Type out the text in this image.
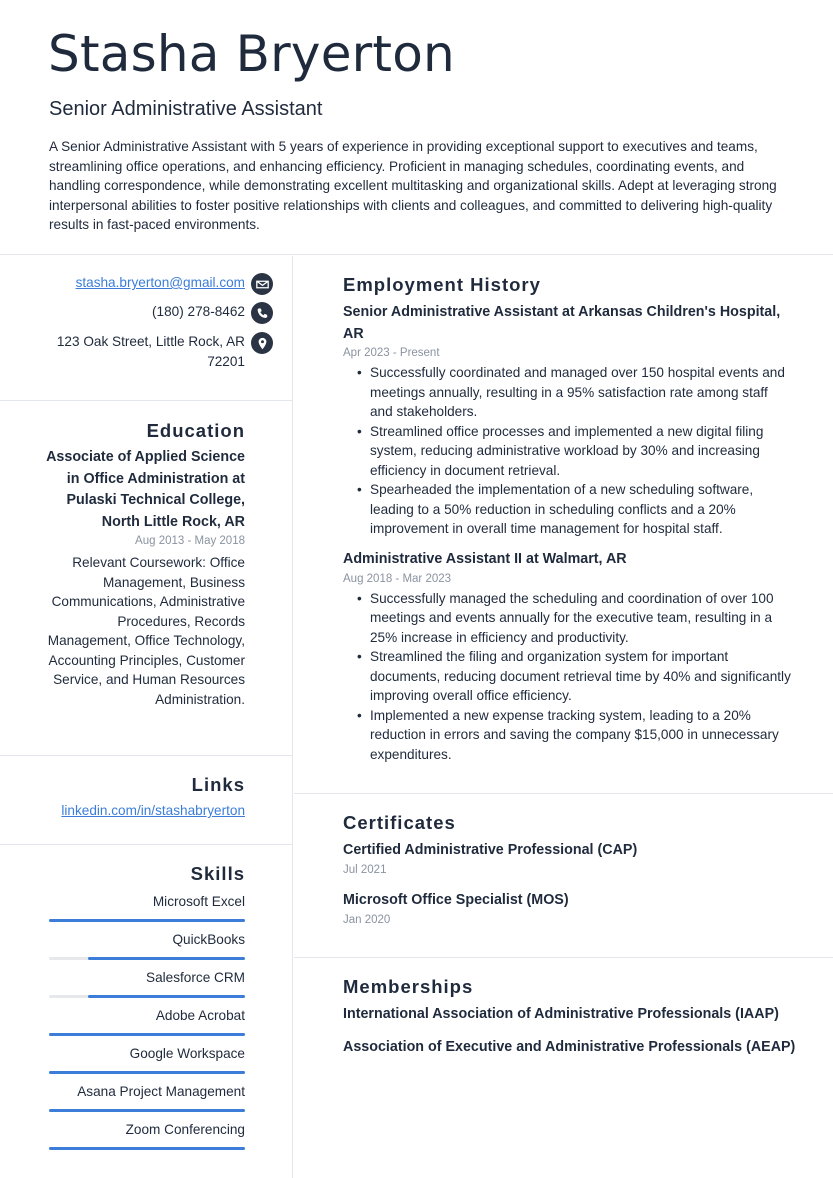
Stasha Bryerton
Senior Administrative Assistant

A Senior Administrative Assistant with 5 years of experience in providing exceptional support to executives and teams, streamlining office operations, and enhancing efficiency. Proficient in managing schedules, coordinating events, and handling correspondence, while demonstrating excellent multitasking and organizational skills. Adept at leveraging strong interpersonal abilities to foster positive relationships with clients and colleagues, and committed to delivering high-quality results in fast-paced environments.

stasha.bryerton@gmail.com
(180) 278-8462
123 Oak Street, Little Rock, AR 72201
Education
Associate of Applied Science in Office Administration at Pulaski Technical College, North Little Rock, AR
Aug 2013 - May 2018
Relevant Coursework: Office Management, Business Communications, Administrative Procedures, Records Management, Office Technology, Accounting Principles, Customer Service, and Human Resources Administration.
Links
linkedin.com/in/stashabryerton
Skills
Microsoft Excel
QuickBooks
Salesforce CRM
Adobe Acrobat
Google Workspace
Asana Project Management
Zoom Conferencing
Employment History
Senior Administrative Assistant at Arkansas Children's Hospital, AR
Apr 2023 - Present
• Successfully coordinated and managed over 150 hospital events and meetings annually, resulting in a 95% satisfaction rate among staff and stakeholders.
• Streamlined office processes and implemented a new digital filing system, reducing administrative workload by 30% and increasing efficiency in document retrieval.
• Spearheaded the implementation of a new scheduling software, leading to a 50% reduction in scheduling conflicts and a 20% improvement in overall time management for hospital staff.
Administrative Assistant II at Walmart, AR
Aug 2018 - Mar 2023
• Successfully managed the scheduling and coordination of over 100 meetings and events annually for the executive team, resulting in a 25% increase in efficiency and productivity.
• Streamlined the filing and organization system for important documents, reducing document retrieval time by 40% and significantly improving overall office efficiency.
• Implemented a new expense tracking system, leading to a 20% reduction in errors and saving the company $15,000 in unnecessary expenditures.
Certificates
Certified Administrative Professional (CAP)
Jul 2021
Microsoft Office Specialist (MOS)
Jan 2020
Memberships
International Association of Administrative Professionals (IAAP)
Association of Executive and Administrative Professionals (AEAP)
